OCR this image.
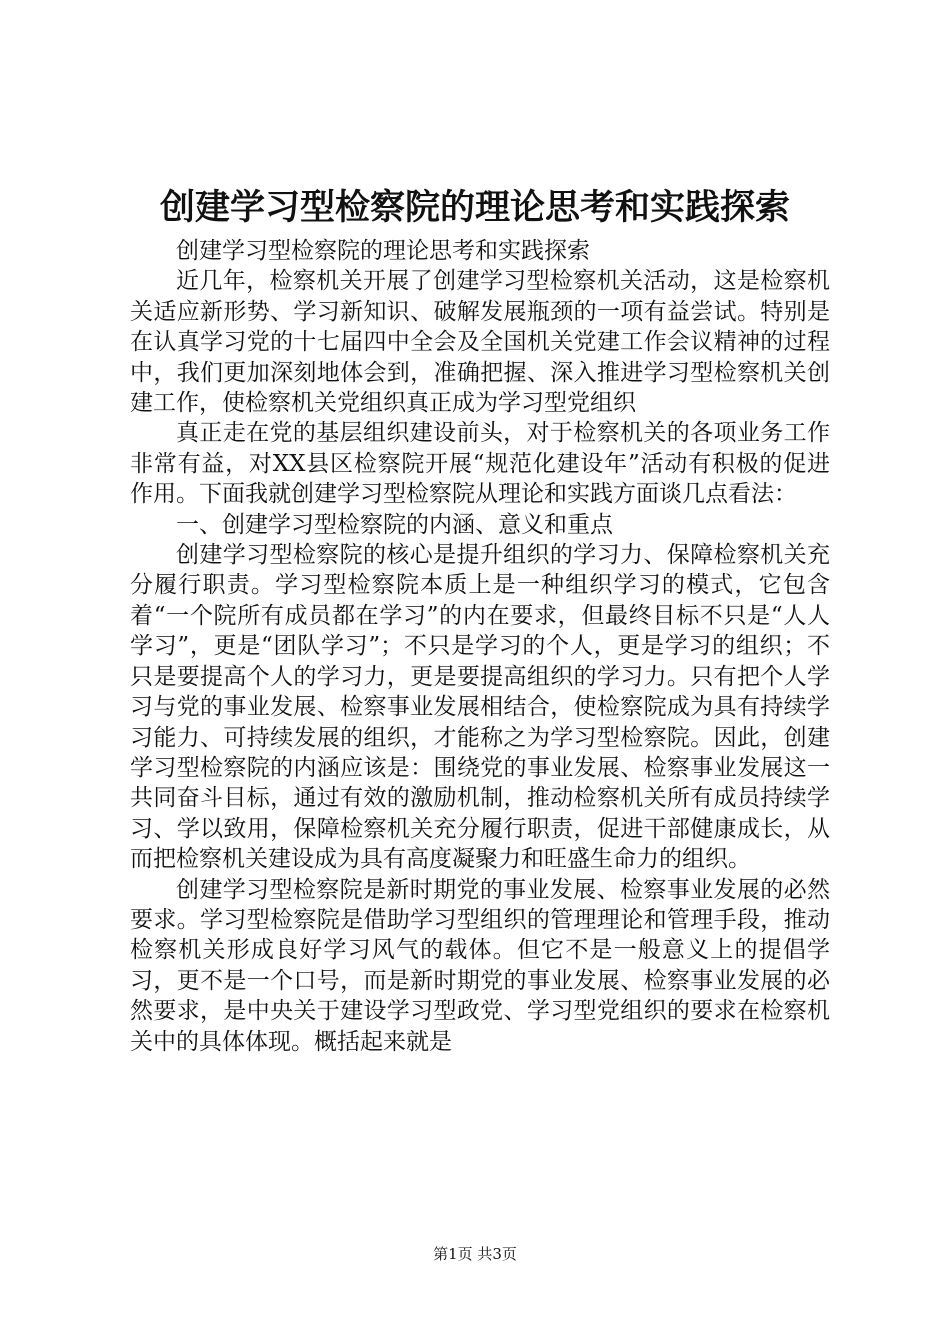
创建学习型检察院的理论思考和实践探索

创建学习型检察院的理论思考和实践探索

近几年，检察机关开展了创建学习型检察机关活动，这是检察机关适应新形势、学习新知识、破解发展瓶颈的一项有益尝试。特别是在认真学习党的十七届四中全会及全国机关党建工作会议精神的过程中，我们更加深刻地体会到，准确把握、深入推进学习型检察机关创建工作，使检察机关党组织真正成为学习型党组织

真正走在党的基层组织建设前头，对于检察机关的各项业务工作非常有益，对XX县区检察院开展“规范化建设年”活动有积极的促进作用。下面我就创建学习型检察院从理论和实践方面谈几点看法：

一、创建学习型检察院的内涵、意义和重点

创建学习型检察院的核心是提升组织的学习力、保障检察机关充分履行职责。学习型检察院本质上是一种组织学习的模式，它包含着“一个院所有成员都在学习”的内在要求，但最终目标不只是“人人学习”，更是“团队学习”；不只是学习的个人，更是学习的组织；不只是要提高个人的学习力，更是要提高组织的学习力。只有把个人学习与党的事业发展、检察事业发展相结合，使检察院成为具有持续学习能力、可持续发展的组织，才能称之为学习型检察院。因此，创建学习型检察院的内涵应该是：围绕党的事业发展、检察事业发展这一共同奋斗目标，通过有效的激励机制，推动检察机关所有成员持续学习、学以致用，保障检察机关充分履行职责，促进干部健康成长，从而把检察机关建设成为具有高度凝聚力和旺盛生命力的组织。

创建学习型检察院是新时期党的事业发展、检察事业发展的必然要求。学习型检察院是借助学习型组织的管理理论和管理手段，推动检察机关形成良好学习风气的载体。但它不是一般意义上的提倡学习，更不是一个口号，而是新时期党的事业发展、检察事业发展的必然要求，是中央关于建设学习型政党、学习型党组织的要求在检察机关中的具体体现。概括起来就是

第1页 共3页
